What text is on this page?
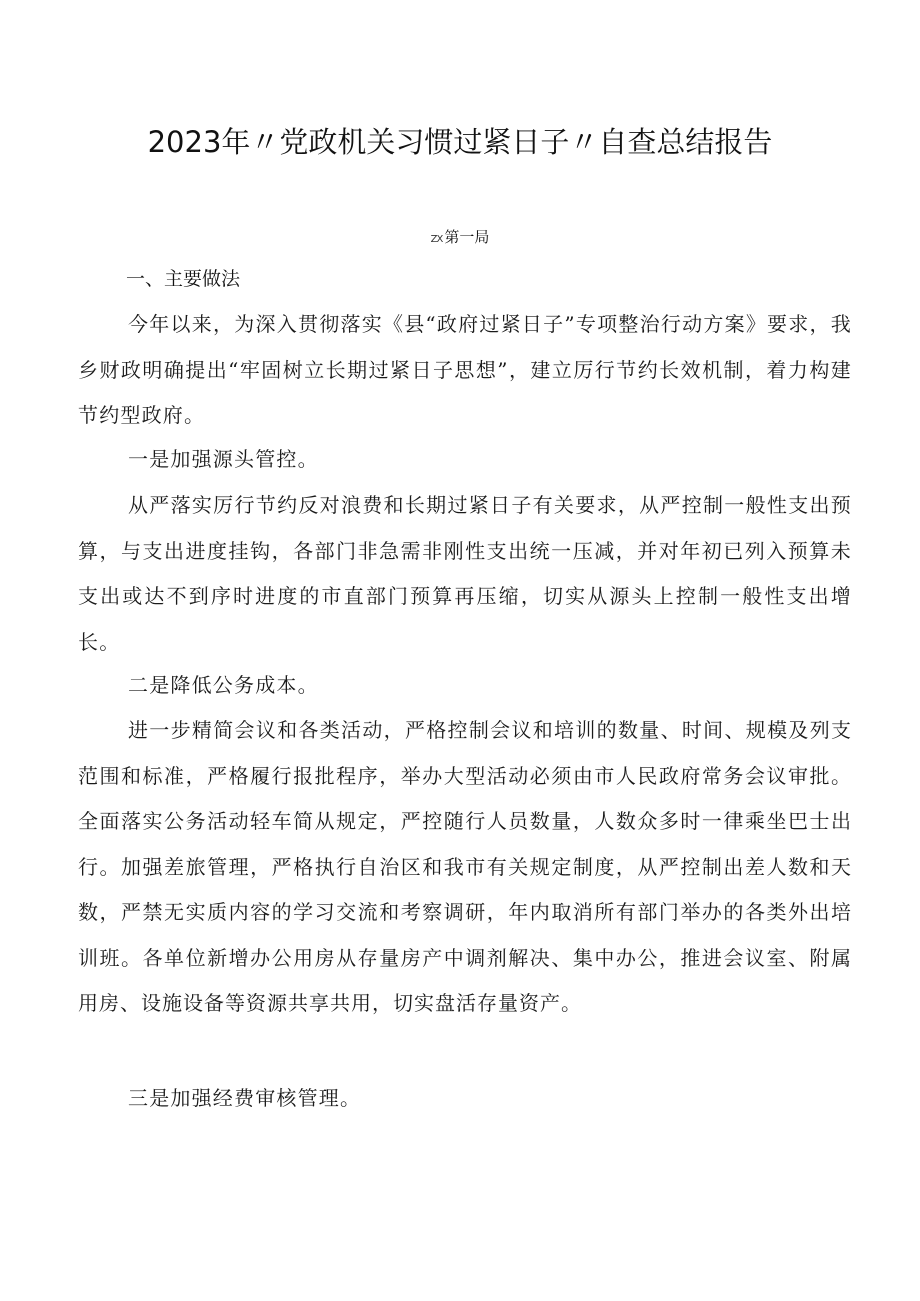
2023年〃党政机关习惯过紧日子〃自查总结报告
ZX 第一局
一、主要做法

今年以来，为深入贯彻落实《县“政府过紧日子”专项整治行动方案》要求，我乡财政明确提出“牢固树立长期过紧日子思想”，建立厉行节约长效机制，着力构建节约型政府。

一是加强源头管控。

从严落实厉行节约反对浪费和长期过紧日子有关要求，从严控制一般性支出预算，与支出进度挂钩，各部门非急需非刚性支出统一压减，并对年初已列入预算未支出或达不到序时进度的市直部门预算再压缩，切实从源头上控制一般性支出增长。

二是降低公务成本。

进一步精简会议和各类活动，严格控制会议和培训的数量、时间、规模及列支范围和标准，严格履行报批程序，举办大型活动必须由市人民政府常务会议审批。全面落实公务活动轻车简从规定，严控随行人员数量，人数众多时一律乘坐巴士出行。加强差旅管理，严格执行自治区和我市有关规定制度，从严控制出差人数和天数，严禁无实质内容的学习交流和考察调研，年内取消所有部门举办的各类外出培训班。各单位新增办公用房从存量房产中调剂解决、集中办公，推进会议室、附属用房、设施设备等资源共享共用，切实盘活存量资产。

三是加强经费审核管理。
